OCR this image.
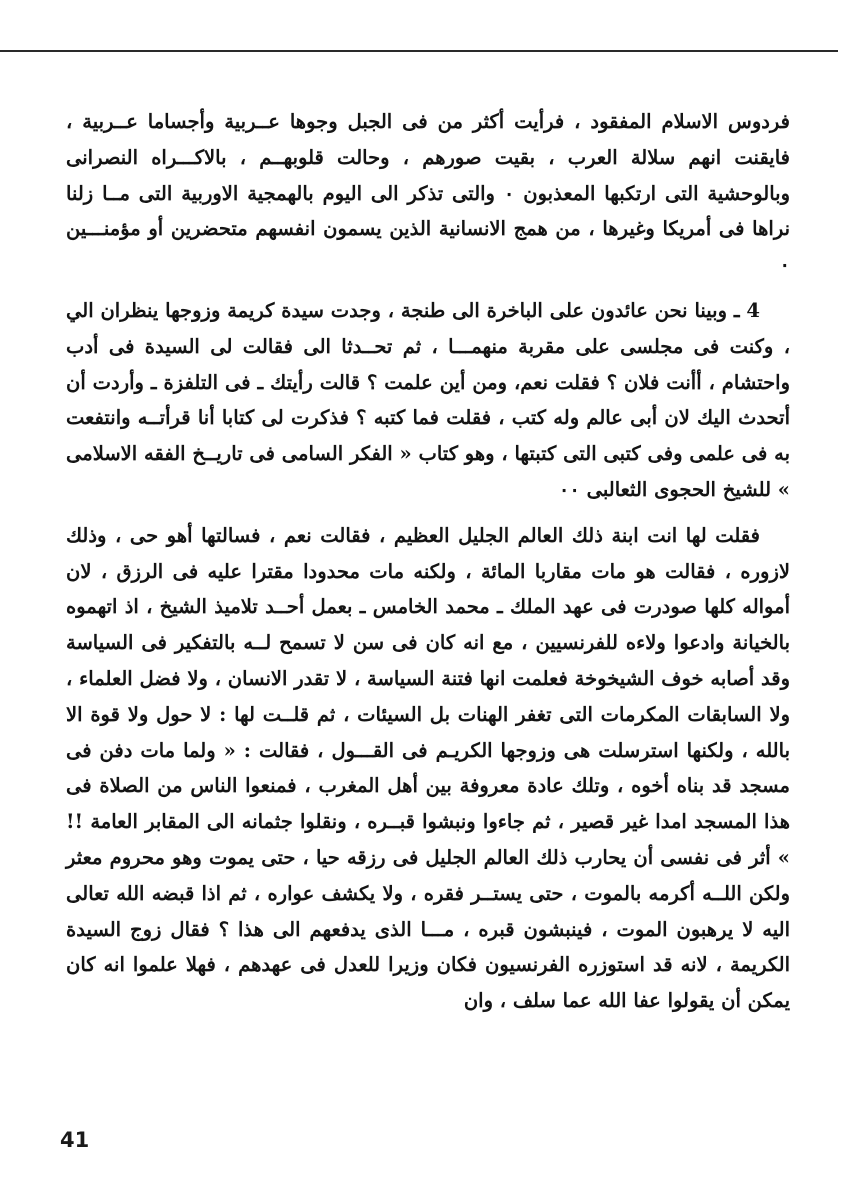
فردوس الاسلام المفقود ، فرأيت أكثر من فى الجبل وجوها عــربية وأجساما عــربية ، فايقنت انهم سلالة العرب ، بقيت صورهم ، وحالت قلوبهــم ، بالاكـــراه النصرانى وبالوحشية التى ارتكبها المعذبون ٠ والتى تذكر الى اليوم بالهمجية الاوربية التى مــا زلنا نراها فى أمريكا وغيرها ، من همج الانسانية الذين يسمون انفسهم متحضرين أو مؤمنـــين ٠

4 ـ وبينا نحن عائدون على الباخرة الى طنجة ، وجدت سيدة كريمة وزوجها ينظران الي ، وكنت فى مجلسى على مقربة منهمـــا ، ثم تحــدثا الى فقالت لى السيدة فى أدب واحتشام ، أأنت فلان ؟ فقلت نعم، ومن أين علمت ؟ قالت رأيتك ـ فى التلفزة ـ وأردت أن أتحدث اليك لان أبى عالم وله كتب ، فقلت فما كتبه ؟ فذكرت لى كتابا أنا قرأتــه وانتفعت به فى علمى وفى كتبى التى كتبتها ، وهو كتاب « الفكر السامى فى تاريــخ الفقه الاسلامى » للشيخ الحجوى الثعالبى ٠٠

فقلت لها انت ابنة ذلك العالم الجليل العظيم ، فقالت نعم ، فسالتها أهو حى ، وذلك لازوره ، فقالت هو مات مقاربا المائة ، ولكنه مات محدودا مقترا عليه فى الرزق ، لان أمواله كلها صودرت فى عهد الملك ـ محمد الخامس ـ بعمل أحــد تلاميذ الشيخ ، اذ اتهموه بالخيانة وادعوا ولاءه للفرنسيين ، مع انه كان فى سن لا تسمح لــه بالتفكير فى السياسة وقد أصابه خوف الشيخوخة فعلمت انها فتنة السياسة ، لا تقدر الانسان ، ولا فضل العلماء ، ولا السابقات المكرمات التى تغفر الهنات بل السيئات ، ثم قلــت لها : لا حول ولا قوة الا بالله ، ولكنها استرسلت هى وزوجها الكريـم فى القـــول ، فقالت : « ولما مات دفن فى مسجد قد بناه أخوه ، وتلك عادة معروفة بين أهل المغرب ، فمنعوا الناس من الصلاة فى هذا المسجد امدا غير قصير ، ثم جاءوا ونبشوا قبــره ، ونقلوا جثمانه الى المقابر العامة !! » أثر فى نفسى أن يحارب ذلك العالم الجليل فى رزقه حيا ، حتى يموت وهو محروم معثر ولكن اللــه أكرمه بالموت ، حتى يستــر فقره ، ولا يكشف عواره ، ثم اذا قبضه الله تعالى اليه لا يرهبون الموت ، فينبشون قبره ، مـــا الذى يدفعهم الى هذا ؟ فقال زوج السيدة الكريمة ، لانه قد استوزره الفرنسيون فكان وزيرا للعدل فى عهدهم ، فهلا علموا انه كان يمكن أن يقولوا عفا الله عما سلف ، وان

41
